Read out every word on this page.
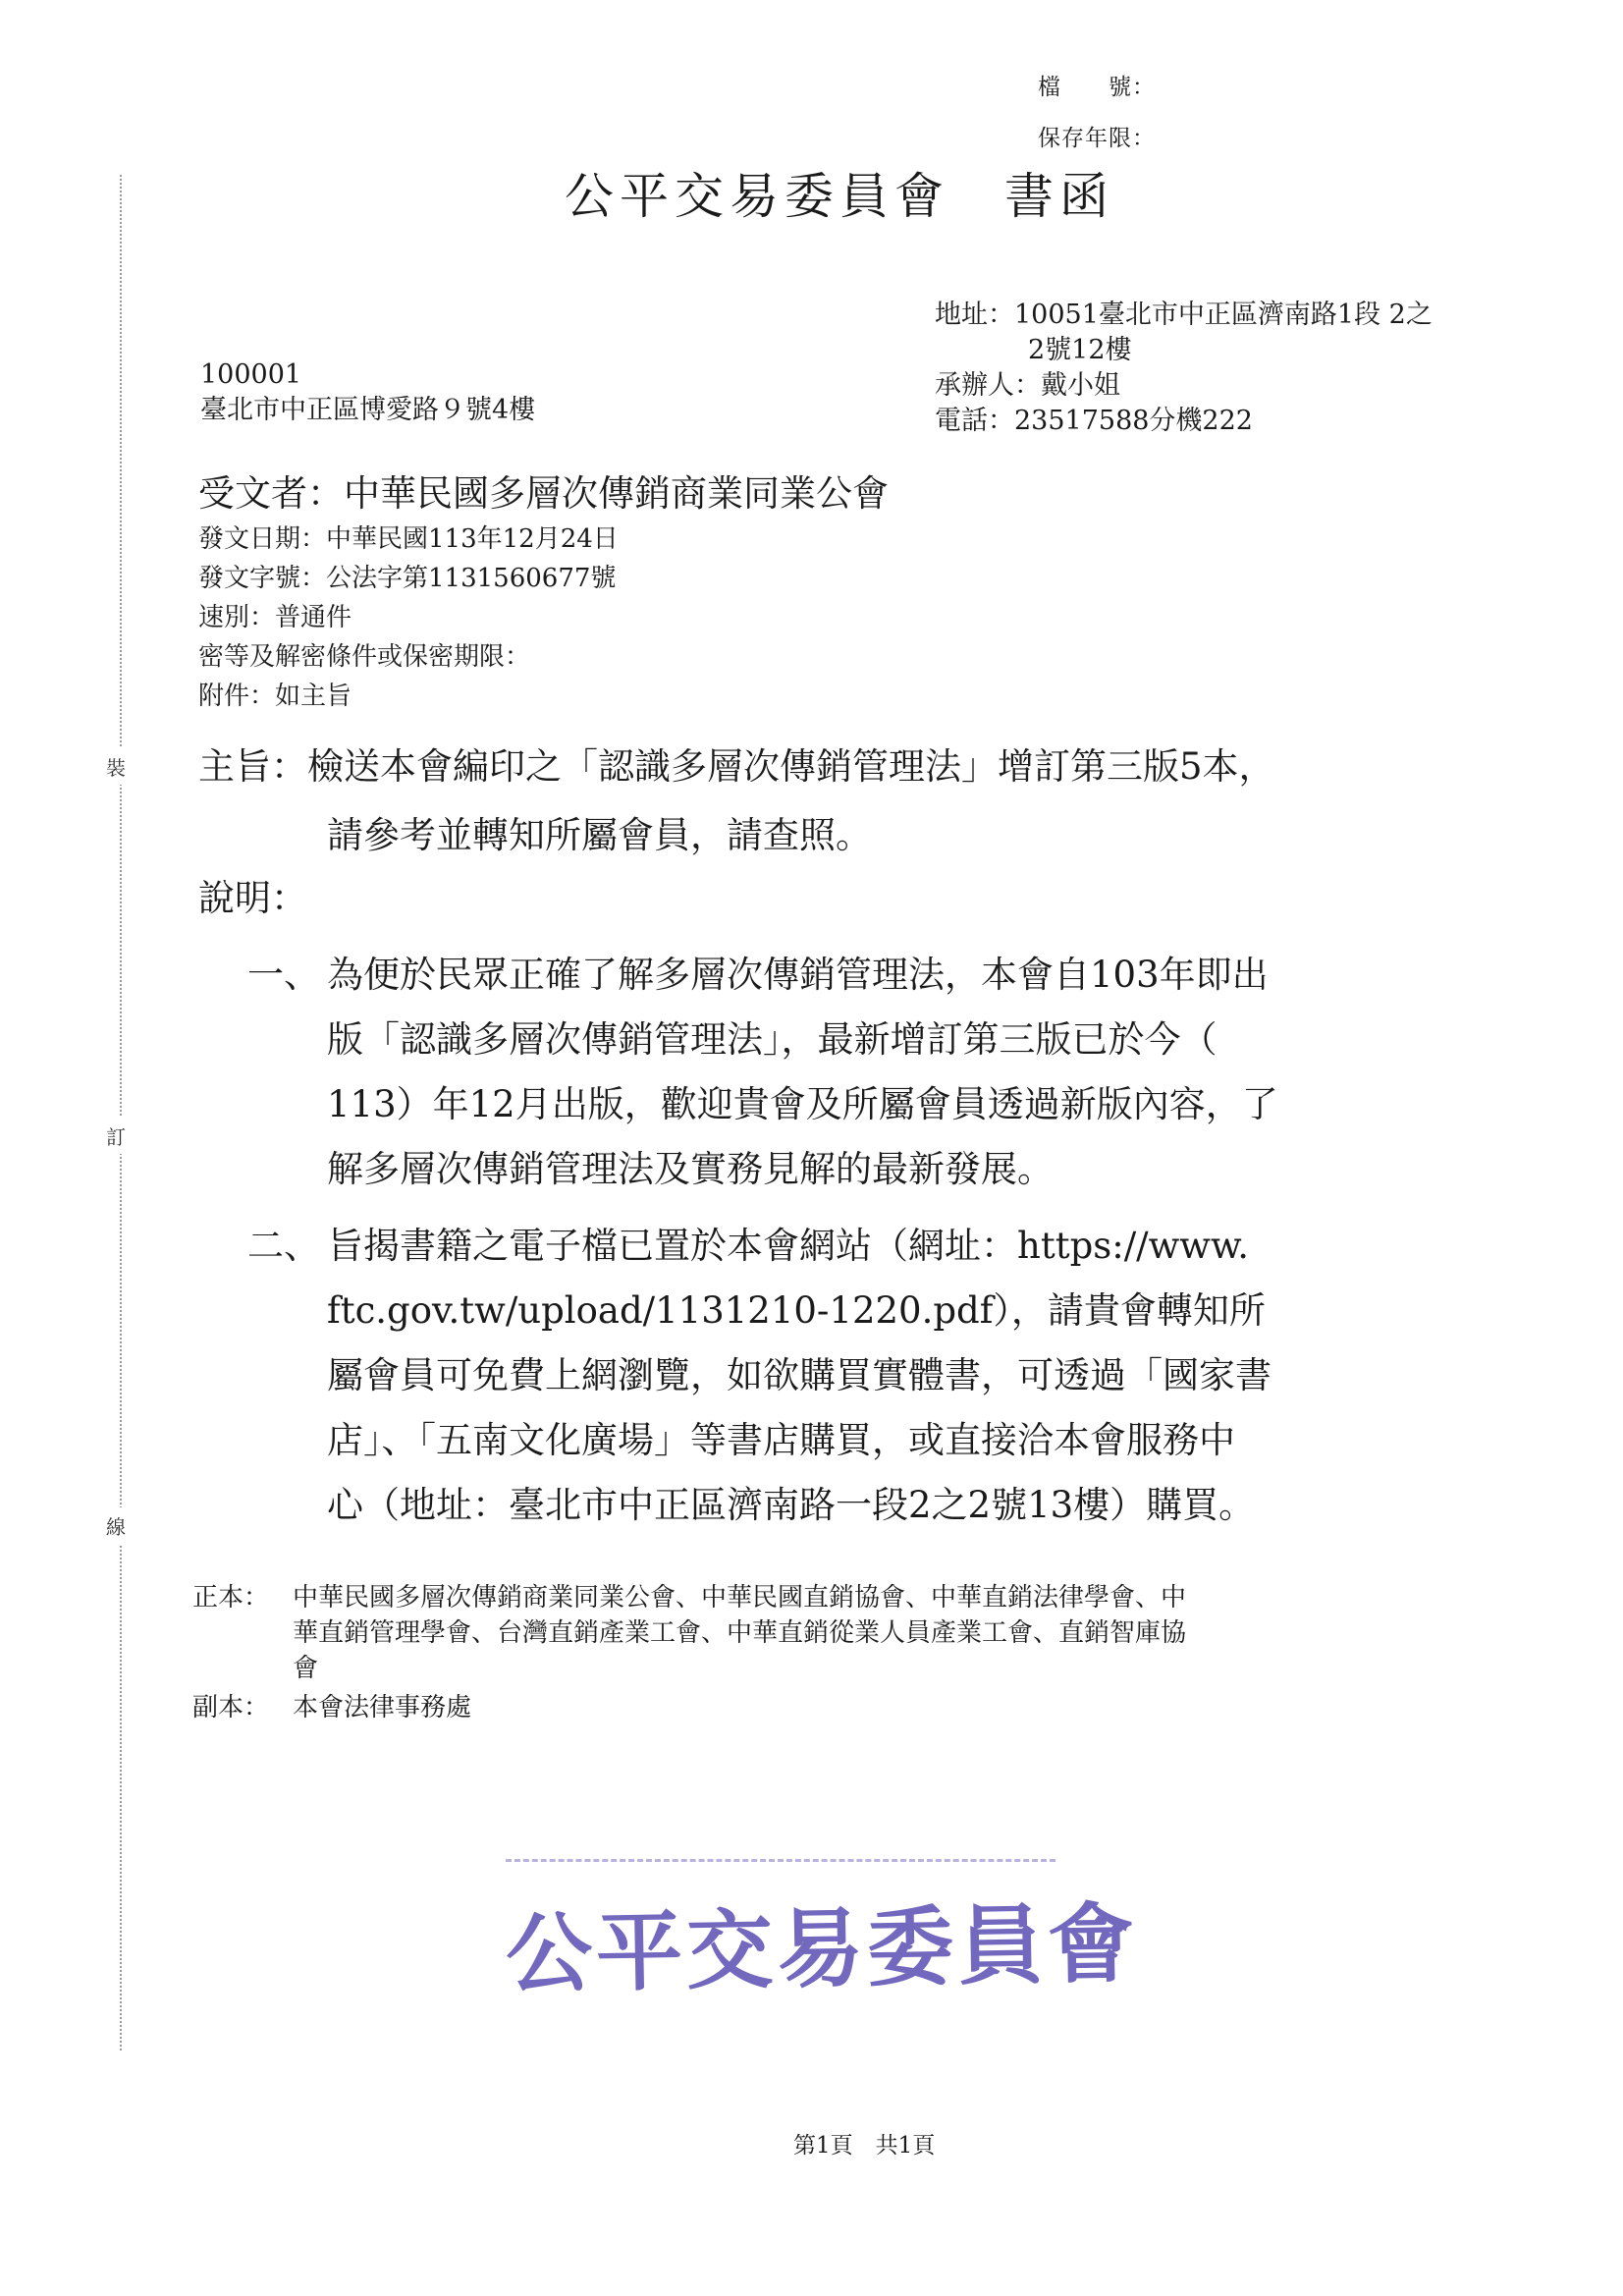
裝
訂
線
檔　　號：
保存年限：
公平交易委員會　書函
地址：10051臺北市中正區濟南路1段 2之
2號12樓
承辦人：戴小姐
電話：23517588分機222
100001
臺北市中正區博愛路９號4樓
受文者：中華民國多層次傳銷商業同業公會
發文日期：中華民國113年12月24日
發文字號：公法字第1131560677號
速別：普通件
密等及解密條件或保密期限：
附件：如主旨
主旨：檢送本會編印之「認識多層次傳銷管理法」增訂第三版5本，
請參考並轉知所屬會員，請查照。
說明：
一、 為便於民眾正確了解多層次傳銷管理法，本會自103年即出
版「認識多層次傳銷管理法」，最新增訂第三版已於今（
113）年12月出版，歡迎貴會及所屬會員透過新版內容，了
解多層次傳銷管理法及實務見解的最新發展。
二、 旨揭書籍之電子檔已置於本會網站（網址：https://www.
ftc.gov.tw/upload/1131210-1220.pdf），請貴會轉知所
屬會員可免費上網瀏覽，如欲購買實體書，可透過「國家書
店」、「五南文化廣場」等書店購買，或直接洽本會服務中
心（地址：臺北市中正區濟南路一段2之2號13樓）購買。
正本： 中華民國多層次傳銷商業同業公會、中華民國直銷協會、中華直銷法律學會、中
華直銷管理學會、台灣直銷產業工會、中華直銷從業人員產業工會、直銷智庫協
會
副本： 本會法律事務處
公平交易委員會
第1頁　共1頁
